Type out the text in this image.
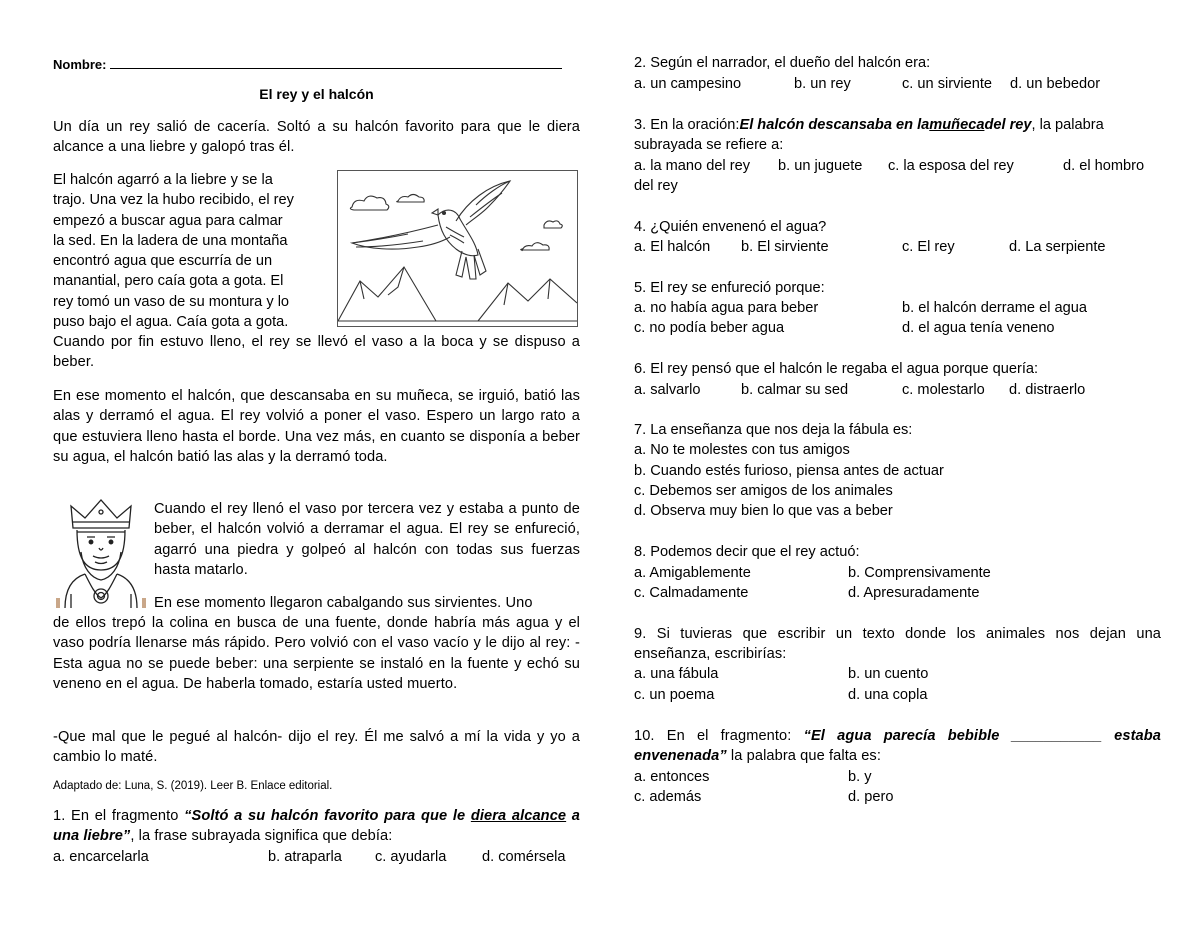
Nombre:
El rey y el halcón

Un día un rey salió de cacería. Soltó a su halcón favorito para que le diera alcance a una liebre y galopó tras él.

El halcón agarró a la liebre y se la
trajo. Una vez la hubo recibido, el rey
empezó a buscar agua para calmar
la sed. En la ladera de una montaña
encontró agua que escurría de un
manantial, pero caía gota a gota. El
rey tomó un vaso de su montura y lo
puso bajo el agua. Caía gota a gota.

Cuando por fin estuvo lleno, el rey se llevó el vaso a la boca y se dispuso a beber.

En ese momento el halcón, que descansaba en su muñeca, se irguió, batió las alas y derramó el agua. El rey volvió a poner el vaso. Espero un largo rato a que estuviera lleno hasta el borde. Una vez más, en cuanto se disponía a beber su agua, el halcón batió las alas y la derramó toda.

Cuando el rey llenó el vaso por tercera vez y estaba a punto de beber, el halcón volvió a derramar el agua. El rey se enfureció, agarró una piedra y golpeó al halcón con todas sus fuerzas hasta matarlo.

En ese momento llegaron cabalgando sus sirvientes. Uno

de ellos trepó la colina en busca de una fuente, donde habría más agua y el vaso podría llenarse más rápido. Pero volvió con el vaso vacío y le dijo al rey: - Esta agua no se puede beber: una serpiente se instaló en la fuente y echó su veneno en el agua. De haberla tomado, estaría usted muerto.

-Que mal que le pegué al halcón- dijo el rey. Él me salvó a mí la vida y yo a cambio lo maté.

Adaptado de: Luna, S. (2019). Leer B. Enlace editorial.

1. En el fragmento “Soltó a su halcón favorito para que le diera alcance a una liebre”, la frase subrayada significa que debía:

a. encarcelarla	b. atraparla	c. ayudarla	d. comérsela
2. Según el narrador, el dueño del halcón era:
a. un campesino	b. un rey	c. un sirviente	d. un bebedor
3. En la oración: El halcón descansaba en la muñeca del rey , la palabra
subrayada se refiere a:
a. la mano del rey	b. un juguete	c. la esposa del rey	d. el hombro
del rey
4. ¿Quién envenenó el agua?
a. El halcón	b. El sirviente	c. El rey	d. La serpiente
5. El rey se enfureció porque:
a. no había agua para beber	b. el halcón derrame el agua
c. no podía beber agua	d. el agua tenía veneno
6. El rey pensó que el halcón le regaba el agua porque quería:
a. salvarlo	b. calmar su sed	c. molestarlo	d. distraerlo
7. La enseñanza que nos deja la fábula es:
a. No te molestes con tus amigos
b. Cuando estés furioso, piensa antes de actuar
c. Debemos ser amigos de los animales
d. Observa muy bien lo que vas a beber
8. Podemos decir que el rey actuó:
a. Amigablemente	b. Comprensivamente
c. Calmadamente	d. Apresuradamente

9. Si tuvieras que escribir un texto donde los animales nos dejan una enseñanza, escribirías:

a. una fábula	b. un cuento
c. un poema	d. una copla

10. En el fragmento: “El agua parecía bebible ___________ estaba envenenada” la palabra que falta es:

a. entonces	b. y
c. además	d. pero
